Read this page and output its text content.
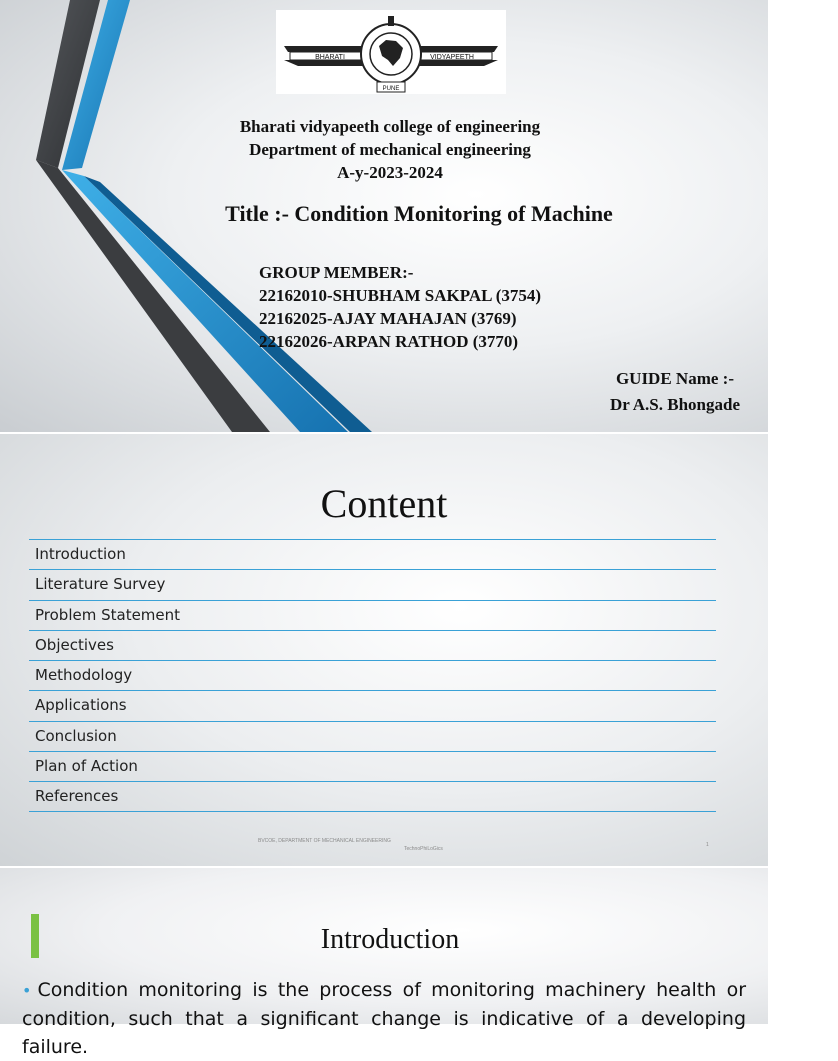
BHARATI	VIDYAPEETH
PUNE
Bharati vidyapeeth college of engineering
Department of mechanical engineering
A-y-2023-2024
Title :- Condition Monitoring of Machine
GROUP MEMBER:-
22162010-SHUBHAM SAKPAL (3754)
22162025-AJAY MAHAJAN (3769)
22162026-ARPAN RATHOD (3770)
GUIDE Name :-
Dr A.S. Bhongade
Content
Introduction
Literature Survey
Problem Statement
Objectives
Methodology
Applications
Conclusion
Plan of Action
References
BVCOE, DEPARTMENT OF MECHANICAL ENGINEERING
TechnoPhiLoGics
1
Introduction
• Condition monitoring is the process of monitoring machinery health or condition, such that a significant change is indicative of a developing failure.
